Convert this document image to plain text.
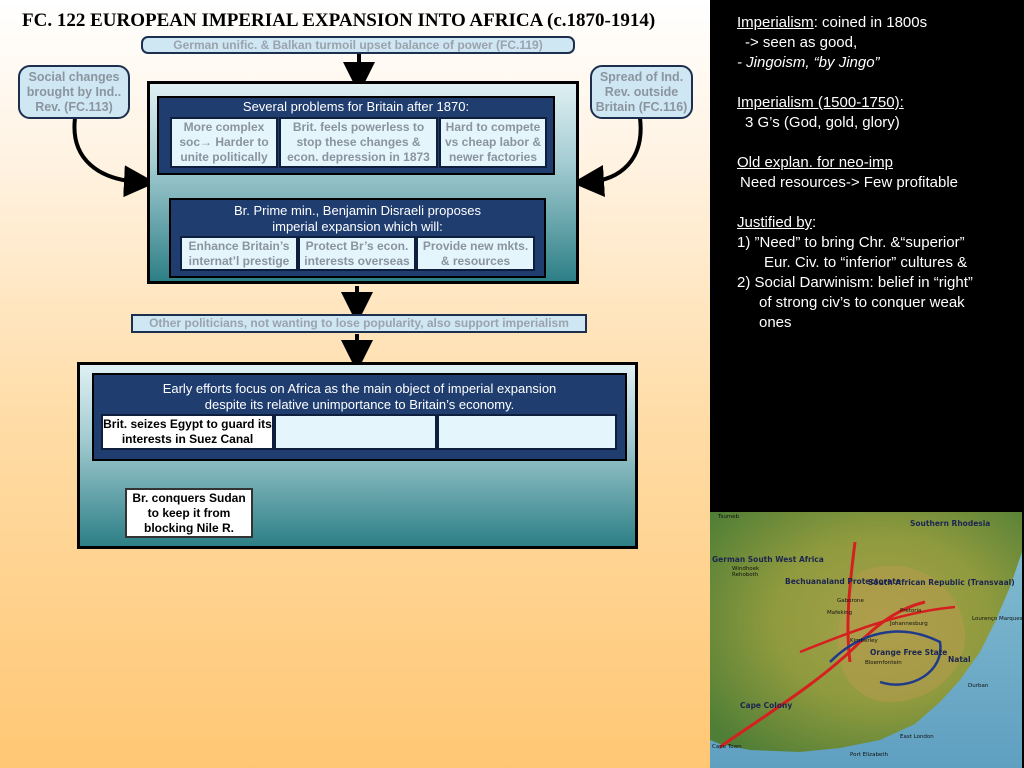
FC. 122 EUROPEAN IMPERIAL EXPANSION INTO AFRICA (c.1870-1914)
German unific. & Balkan turmoil upset balance of power (FC.119)
Social changes brought by Ind.. Rev. (FC.113)
Spread of Ind. Rev. outside Britain (FC.116)
Several problems for Britain after 1870:
More complex soc→ Harder to unite politically
Brit. feels powerless to stop these changes & econ. depression in 1873
Hard to compete vs cheap labor & newer factories
Br. Prime min., Benjamin Disraeli proposes
imperial expansion which will:
Enhance Britain’s internat’l prestige
Protect Br’s econ. interests overseas
Provide new mkts. & resources
Other politicians, not wanting to lose popularity, also support imperialism
Early efforts focus on Africa as the main object of imperial expansion
despite its relative unimportance to Britain’s economy.
Brit. seizes Egypt to guard its interests in Suez Canal
Br. conquers Sudan to keep it from blocking Nile R.
Imperialism: coined in 1800s
-> seen as good,
- Jingoism, “by Jingo”
Imperialism (1500-1750):
3 G’s (God, gold, glory)
Old explan. for neo-imp
Need resources-> Few profitable
Justified by:
1) ”Need” to bring Chr. &“superior”
Eur. Civ. to “inferior” cultures &
2) Social Darwinism: belief in “right”
of strong civ’s to conquer weak
ones
Southern Rhodesia
German South West Africa
Bechuanaland Protectorate
South African Republic (Transvaal)
Orange Free State
Cape Colony
Natal
Windhoek
Rehoboth
Gaborone
Mafeking
Kimberley
Bloemfontein
Pretoria
Johannesburg
Durban
Lourenço Marques
East London
Port Elizabeth
Cape Town
Tsumeb
